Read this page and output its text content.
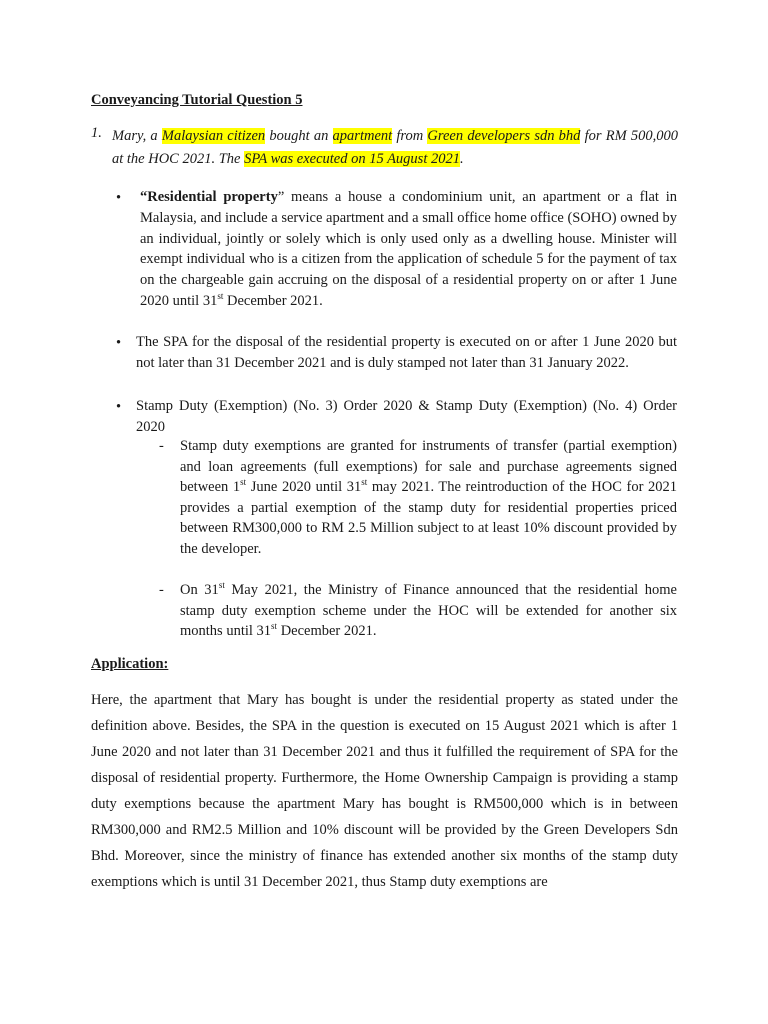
Conveyancing Tutorial Question 5
1. Mary, a Malaysian citizen bought an apartment from Green developers sdn bhd for RM 500,000 at the HOC 2021. The SPA was executed on 15 August 2021.
• “Residential property” means a house a condominium unit, an apartment or a flat in Malaysia, and include a service apartment and a small office home office (SOHO) owned by an individual, jointly or solely which is only used only as a dwelling house. Minister will exempt individual who is a citizen from the application of schedule 5 for the payment of tax on the chargeable gain accruing on the disposal of a residential property on or after 1 June 2020 until 31st December 2021.
• The SPA for the disposal of the residential property is executed on or after 1 June 2020 but not later than 31 December 2021 and is duly stamped not later than 31 January 2022.
• Stamp Duty (Exemption) (No. 3) Order 2020 & Stamp Duty (Exemption) (No. 4) Order 2020
- Stamp duty exemptions are granted for instruments of transfer (partial exemption) and loan agreements (full exemptions) for sale and purchase agreements signed between 1st June 2020 until 31st may 2021. The reintroduction of the HOC for 2021 provides a partial exemption of the stamp duty for residential properties priced between RM300,000 to RM 2.5 Million subject to at least 10% discount provided by the developer.
- On 31st May 2021, the Ministry of Finance announced that the residential home stamp duty exemption scheme under the HOC will be extended for another six months until 31st December 2021.
Application:
Here, the apartment that Mary has bought is under the residential property as stated under the definition above. Besides, the SPA in the question is executed on 15 August 2021 which is after 1 June 2020 and not later than 31 December 2021 and thus it fulfilled the requirement of SPA for the disposal of residential property. Furthermore, the Home Ownership Campaign is providing a stamp duty exemptions because the apartment Mary has bought is RM500,000 which is in between RM300,000 and RM2.5 Million and 10% discount will be provided by the Green Developers Sdn Bhd. Moreover, since the ministry of finance has extended another six months of the stamp duty exemptions which is until 31 December 2021, thus Stamp duty exemptions are
